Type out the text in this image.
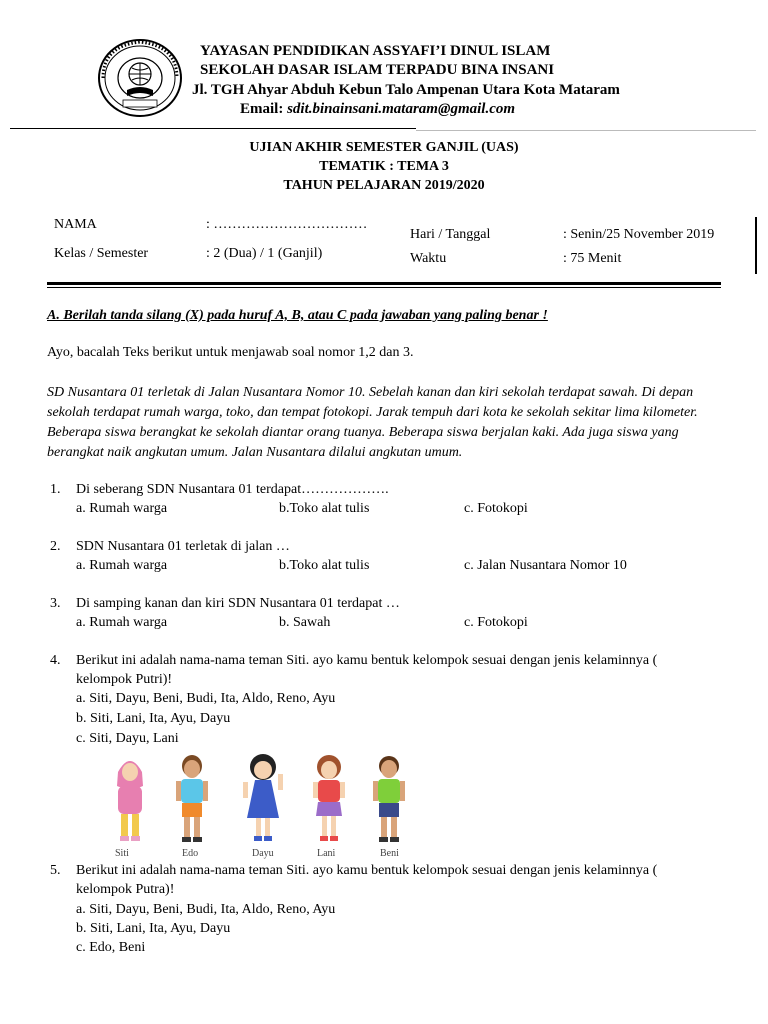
YAYASAN PENDIDIKAN ASSYAFI’I DINUL ISLAM
SEKOLAH DASAR ISLAM TERPADU BINA INSANI
Jl. TGH Ahyar Abduh Kebun Talo Ampenan Utara Kota Mataram
Email: sdit.binainsani.mataram@gmail.com
UJIAN AKHIR SEMESTER GANJIL (UAS)
TEMATIK : TEMA 3
TAHUN PELAJARAN 2019/2020
NAMA	: ……………………………
Kelas / Semester	: 2 (Dua) / 1 (Ganjil)
Hari / Tanggal	: Senin/25 November 2019
Waktu	: 75 Menit
A. Berilah tanda silang (X) pada huruf A, B, atau C pada jawaban yang paling benar !
Ayo, bacalah Teks berikut untuk menjawab soal nomor 1,2 dan 3.
SD Nusantara 01 terletak di Jalan Nusantara Nomor 10. Sebelah kanan dan kiri sekolah terdapat sawah. Di depan sekolah terdapat rumah warga, toko, dan tempat fotokopi. Jarak tempuh dari kota ke sekolah sekitar lima kilometer. Beberapa siswa berangkat ke sekolah diantar orang tuanya. Beberapa siswa berjalan kaki. Ada juga siswa yang berangkat naik angkutan umum. Jalan Nusantara dilalui angkutan umum.
1. Di seberang SDN Nusantara 01 terdapat……………….
a. Rumah warga	b.Toko alat tulis	c. Fotokopi
2. SDN Nusantara 01 terletak di jalan …
a. Rumah warga	b.Toko alat tulis	c. Jalan Nusantara Nomor 10
3. Di samping kanan dan kiri SDN Nusantara 01 terdapat …
a. Rumah warga	b. Sawah	c. Fotokopi
4. Berikut ini adalah nama-nama teman Siti. ayo kamu bentuk kelompok sesuai dengan jenis kelaminnya (
kelompok Putri)!
a. Siti, Dayu, Beni, Budi, Ita, Aldo, Reno, Ayu
b. Siti, Lani, Ita, Ayu, Dayu
c. Siti, Dayu, Lani
Siti	Edo	Dayu	Lani	Beni
5. Berikut ini adalah nama-nama teman Siti. ayo kamu bentuk kelompok sesuai dengan jenis kelaminnya (
kelompok Putra)!
a. Siti, Dayu, Beni, Budi, Ita, Aldo, Reno, Ayu
b. Siti, Lani, Ita, Ayu, Dayu
c. Edo, Beni
